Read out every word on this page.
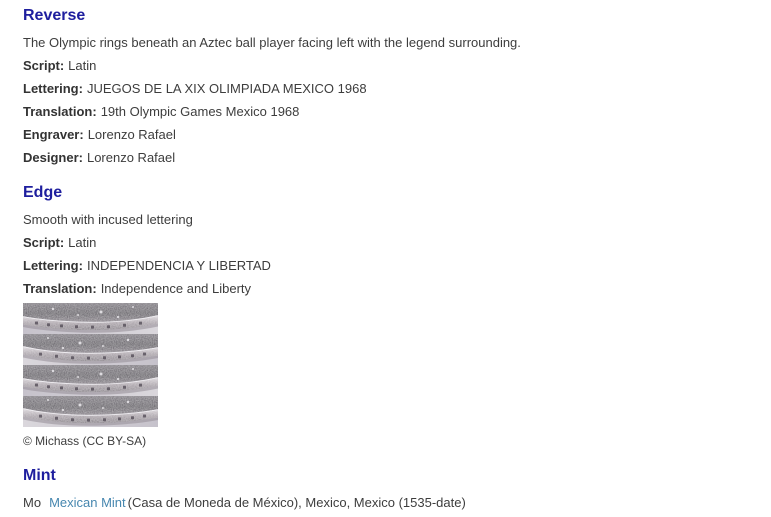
Reverse

The Olympic rings beneath an Aztec ball player facing left with the legend surrounding.

Script: Latin

Lettering: JUEGOS DE LA XIX OLIMPIADA MEXICO 1968

Translation: 19th Olympic Games Mexico 1968

Engraver: Lorenzo Rafael

Designer: Lorenzo Rafael

Edge

Smooth with incused lettering

Script: Latin

Lettering: INDEPENDENCIA Y LIBERTAD

Translation: Independence and Liberty

© Michass (CC BY-SA)
Mint

Mo Mexican Mint (Casa de Moneda de México), Mexico, Mexico (1535-date)
